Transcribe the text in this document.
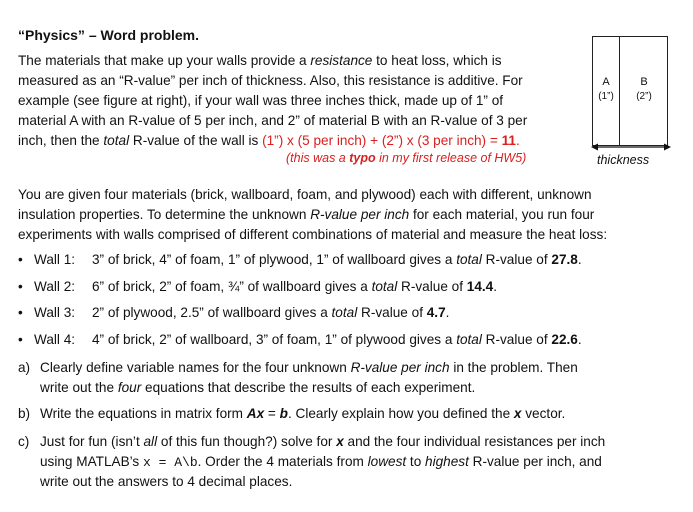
“Physics” – Word problem.
The materials that make up your walls provide a resistance to heat loss, which is
measured as an “R-value” per inch of thickness. Also, this resistance is additive. For
example (see figure at right), if your wall was three inches thick, made up of 1” of
material A with an R-value of 5 per inch, and 2” of material B with an R-value of 3 per
inch, then the total R-value of the wall is (1”) x (5 per inch) + (2”) x (3 per inch) = 11.
(this was a typo in my first release of HW5)
A
(1”)
B
(2”)
thickness
You are given four materials (brick, wallboard, foam, and plywood) each with different, unknown
insulation properties. To determine the unknown R-value per inch for each material, you run four
experiments with walls comprised of different combinations of material and measure the heat loss:
• Wall 1: 3” of brick, 4” of foam, 1” of plywood, 1” of wallboard gives a total R-value of 27.8.
• Wall 2: 6” of brick, 2” of foam, ¾” of wallboard gives a total R-value of 14.4.
• Wall 3: 2” of plywood, 2.5” of wallboard gives a total R-value of 4.7.
• Wall 4: 4” of brick, 2” of wallboard, 3” of foam, 1” of plywood gives a total R-value of 22.6.
a) Clearly define variable names for the four unknown R-value per inch in the problem. Then
write out the four equations that describe the results of each experiment.
b) Write the equations in matrix form Ax = b. Clearly explain how you defined the x vector.
c) Just for fun (isn’t all of this fun though?) solve for x and the four individual resistances per inch
using MATLAB’s x = A\b. Order the 4 materials from lowest to highest R-value per inch, and
write out the answers to 4 decimal places.
